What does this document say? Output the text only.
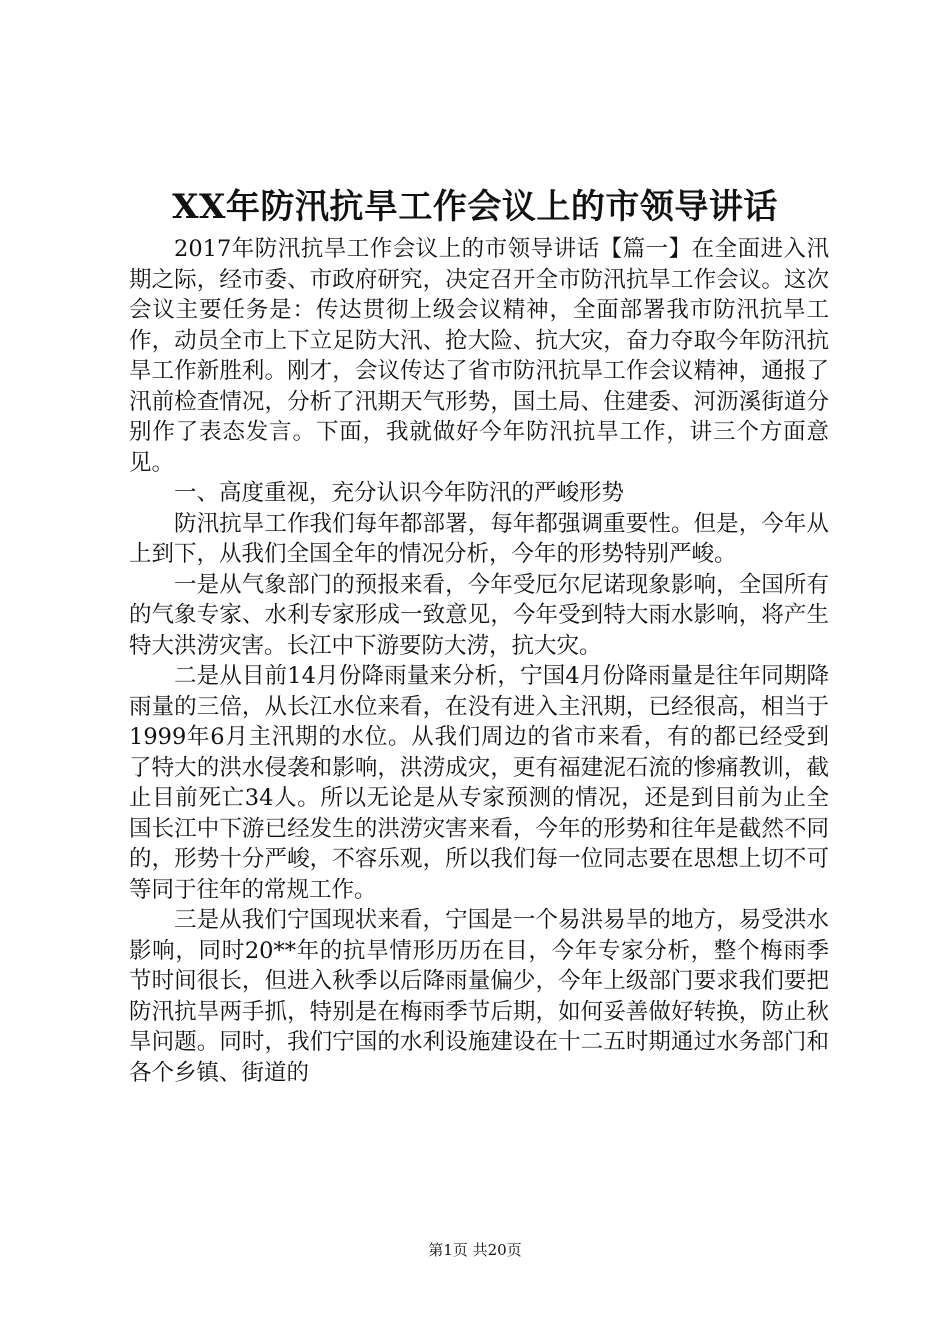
XX年防汛抗旱工作会议上的市领导讲话

2017年防汛抗旱工作会议上的市领导讲话【篇一】在全面进入汛期之际，经市委、市政府研究，决定召开全市防汛抗旱工作会议。这次会议主要任务是：传达贯彻上级会议精神，全面部署我市防汛抗旱工作，动员全市上下立足防大汛、抢大险、抗大灾，奋力夺取今年防汛抗旱工作新胜利。刚才，会议传达了省市防汛抗旱工作会议精神，通报了汛前检查情况，分析了汛期天气形势，国土局、住建委、河沥溪街道分别作了表态发言。下面，我就做好今年防汛抗旱工作，讲三个方面意见。

一、高度重视，充分认识今年防汛的严峻形势

防汛抗旱工作我们每年都部署，每年都强调重要性。但是，今年从上到下，从我们全国全年的情况分析，今年的形势特别严峻。

一是从气象部门的预报来看，今年受厄尔尼诺现象影响，全国所有的气象专家、水利专家形成一致意见，今年受到特大雨水影响，将产生特大洪涝灾害。长江中下游要防大涝，抗大灾。

二是从目前14月份降雨量来分析，宁国4月份降雨量是往年同期降雨量的三倍，从长江水位来看，在没有进入主汛期，已经很高，相当于1999年6月主汛期的水位。从我们周边的省市来看，有的都已经受到了特大的洪水侵袭和影响，洪涝成灾，更有福建泥石流的惨痛教训，截止目前死亡34人。所以无论是从专家预测的情况，还是到目前为止全国长江中下游已经发生的洪涝灾害来看，今年的形势和往年是截然不同的，形势十分严峻，不容乐观，所以我们每一位同志要在思想上切不可等同于往年的常规工作。

三是从我们宁国现状来看，宁国是一个易洪易旱的地方，易受洪水影响，同时20**年的抗旱情形历历在目，今年专家分析，整个梅雨季节时间很长，但进入秋季以后降雨量偏少，今年上级部门要求我们要把防汛抗旱两手抓，特别是在梅雨季节后期，如何妥善做好转换，防止秋旱问题。同时，我们宁国的水利设施建设在十二五时期通过水务部门和各个乡镇、街道的

第1页 共20页
